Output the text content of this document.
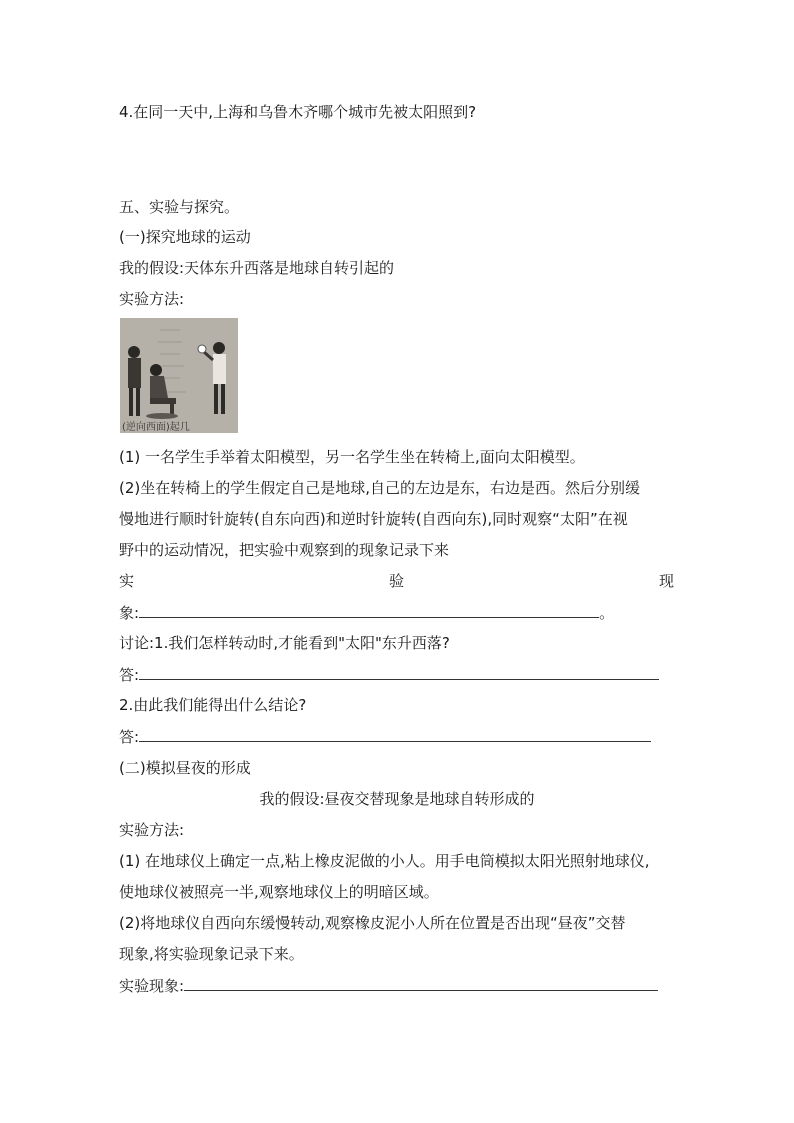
4.在同一天中,上海和乌鲁木齐哪个城市先被太阳照到?
五、实验与探究。
(一)探究地球的运动
我的假设:天体东升西落是地球自转引起的
实验方法:
(逆向西面)起几
(1) 一名学生手举着太阳模型，另一名学生坐在转椅上,面向太阳模型。
(2)坐在转椅上的学生假定自己是地球,自己的左边是东，右边是西。然后分别缓
慢地进行顺时针旋转(自东向西)和逆时针旋转(自西向东),同时观察“太阳”在视
野中的运动情况，把实验中观察到的现象记录下来
实	验	现
象:	。
讨论:1.我们怎样转动时,才能看到"太阳"东升西落?
答:
2.由此我们能得出什么结论?
答:
(二)模拟昼夜的形成
我的假设:昼夜交替现象是地球自转形成的
实验方法:
(1) 在地球仪上确定一点,粘上橡皮泥做的小人。用手电筒模拟太阳光照射地球仪,
使地球仪被照亮一半,观察地球仪上的明暗区域。
(2)将地球仪自西向东缓慢转动,观察橡皮泥小人所在位置是否出现“昼夜”交替
现象,将实验现象记录下来。
实验现象:
